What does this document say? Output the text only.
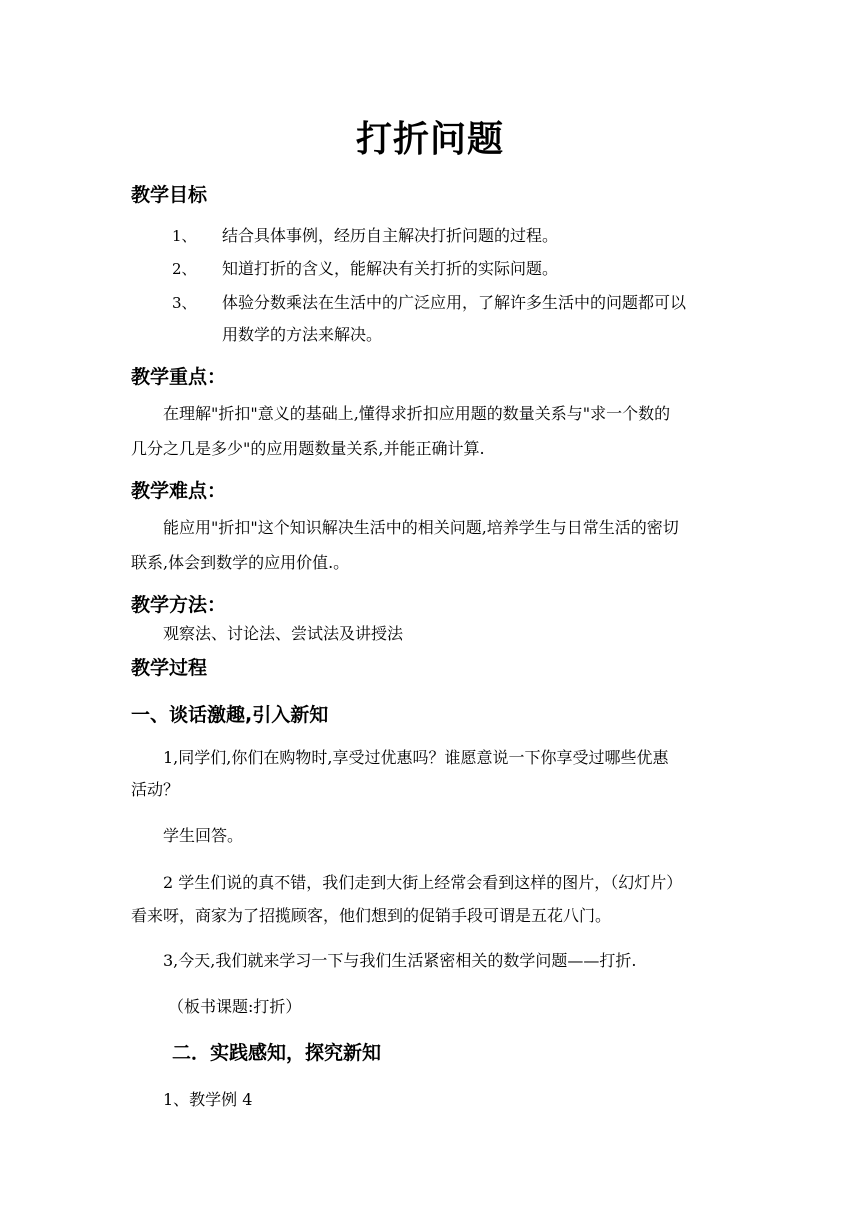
打折问题
教学目标
1、 结合具体事例，经历自主解决打折问题的过程。
2、 知道打折的含义，能解决有关打折的实际问题。
3、 体验分数乘法在生活中的广泛应用，了解许多生活中的问题都可以
用数学的方法来解决。
教学重点：
在理解"折扣"意义的基础上,懂得求折扣应用题的数量关系与"求一个数的
几分之几是多少"的应用题数量关系,并能正确计算.
教学难点：
能应用"折扣"这个知识解决生活中的相关问题,培养学生与日常生活的密切
联系,体会到数学的应用价值.。
教学方法：
观察法、讨论法、尝试法及讲授法
教学过程
一、谈话激趣,引入新知
1,同学们,你们在购物时,享受过优惠吗？谁愿意说一下你享受过哪些优惠
活动？
学生回答。
2 学生们说的真不错，我们走到大街上经常会看到这样的图片，（幻灯片）
看来呀，商家为了招揽顾客，他们想到的促销手段可谓是五花八门。
3,今天,我们就来学习一下与我们生活紧密相关的数学问题——打折.
（板书课题:打折）
二．实践感知，探究新知
1、教学例 4
